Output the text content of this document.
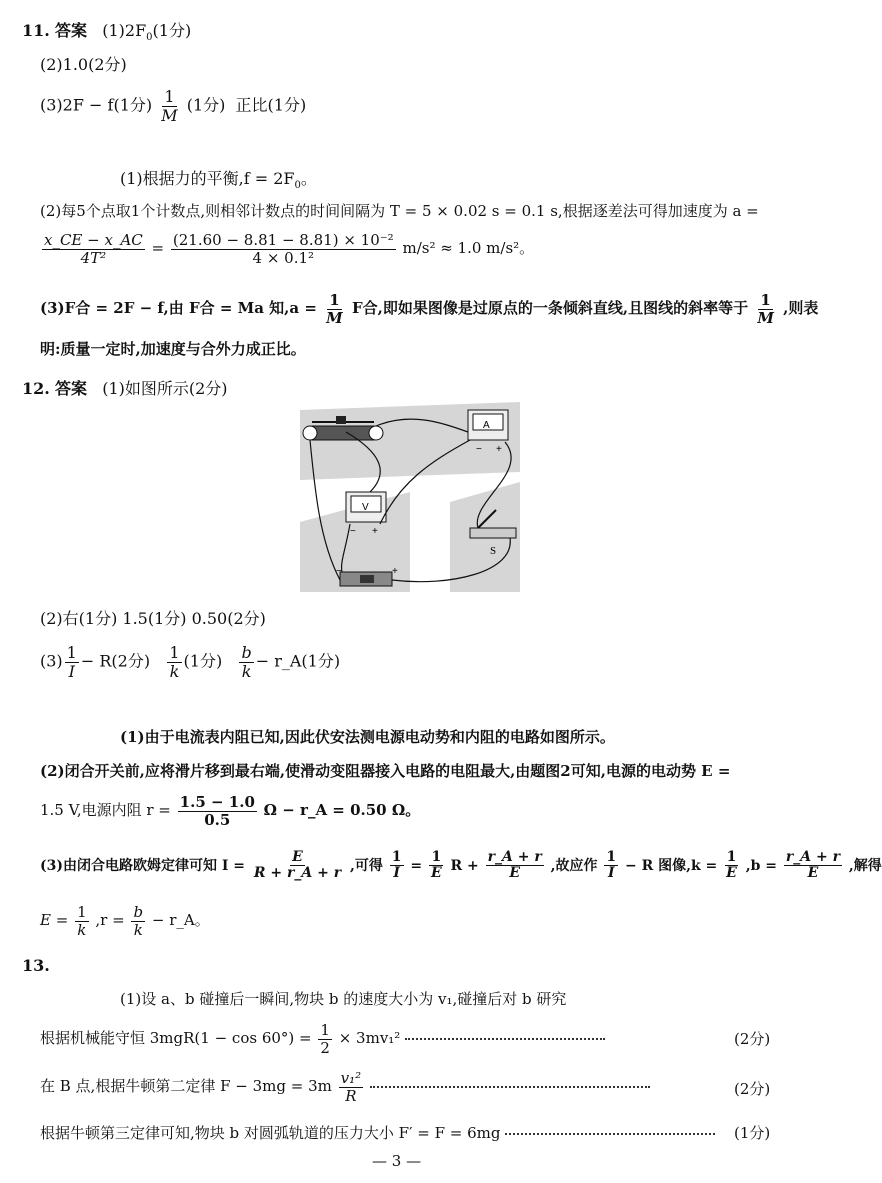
11. 答案 $(1)2F_0(1$分)
(2)1.0(2分)
(3)2F − f(1分) $\frac{1}{M} (1$分) 正比(1分)
(1)根据力的平衡$,f = 2F_0$。
(2)每5个点取1个计数点,则相邻计数点的时间间隔为 T = 5 × 0.02 s = 0.1 s,根据逐差法可得加速度为 a =
$\frac{x\_CE - x\_AC}{\text{4T²}} = \frac{\text{(21.60 − 8.81 − 8.81) × 10⁻²}}{\text{4 × 0.1²}} m/s^2 \approx 1.0$ m/s²。
(3)F合 = 2F − f,由 F合 = Ma 知$,a = \frac{1}{M}$ F合,即如果图像是过原点的一条倾斜直线,且图线的斜率等于 $\frac{1}{M}$ ,则表
明:质量一定时,加速度与合外力成正比。
12. 答案 (1)如图所示(2分)
A
− +
V
− +
S
−	+
(2)右(1分) 1.5(1分) 0.50(2分)
$(3) \frac{1}{I} - R(2$分) $\frac{1}{k} (1$分) $\frac{b}{k}$ − r_A(1分)
(1)由于电流表内阻已知,因此伏安法测电源电动势和内阻的电路如图所示。
(2)闭合开关前,应将滑片移到最右端,使滑动变阻器接入电路的电阻最大,由题图2可知,电源的电动势 E =
1.5 V,电源内阻 $r = \frac{1.5 - 1.0}{0.5}$ Ω − r_A = 0.50 Ω。
(3)由闭合电路欧姆定律可知 $I = \frac{E}{R + r\_A + r}$ ,可得 $\frac{1}{I} = \frac{1}{E}$ $R + \frac{r\_A + r}{E}$ ,故应作 $\frac{1}{I} - R$ 图像$,k = \frac{1}{E} ,b = \frac{r\_A + r}{E}$ ,解得
$E = \frac{1}{k} ,r = \frac{b}{k}$ − r_A。
13.
(1)设 a、b 碰撞后一瞬间,物块 b 的速度大小为 v₁,碰撞后对 b 研究
根据机械能守恒 $3mgR(1 - \cos 60^\circ) = \frac{1}{2} \times 3mv_1^2$	(2分)
在 B 点,根据牛顿第二定律 $F - 3mg = 3m \frac{\text{v₁²}}{R}$
	(2分)
根据牛顿第三定律可知,物块 b 对圆弧轨道的压力大小 F′ = F = 6mg	(1分)
— 3 —
